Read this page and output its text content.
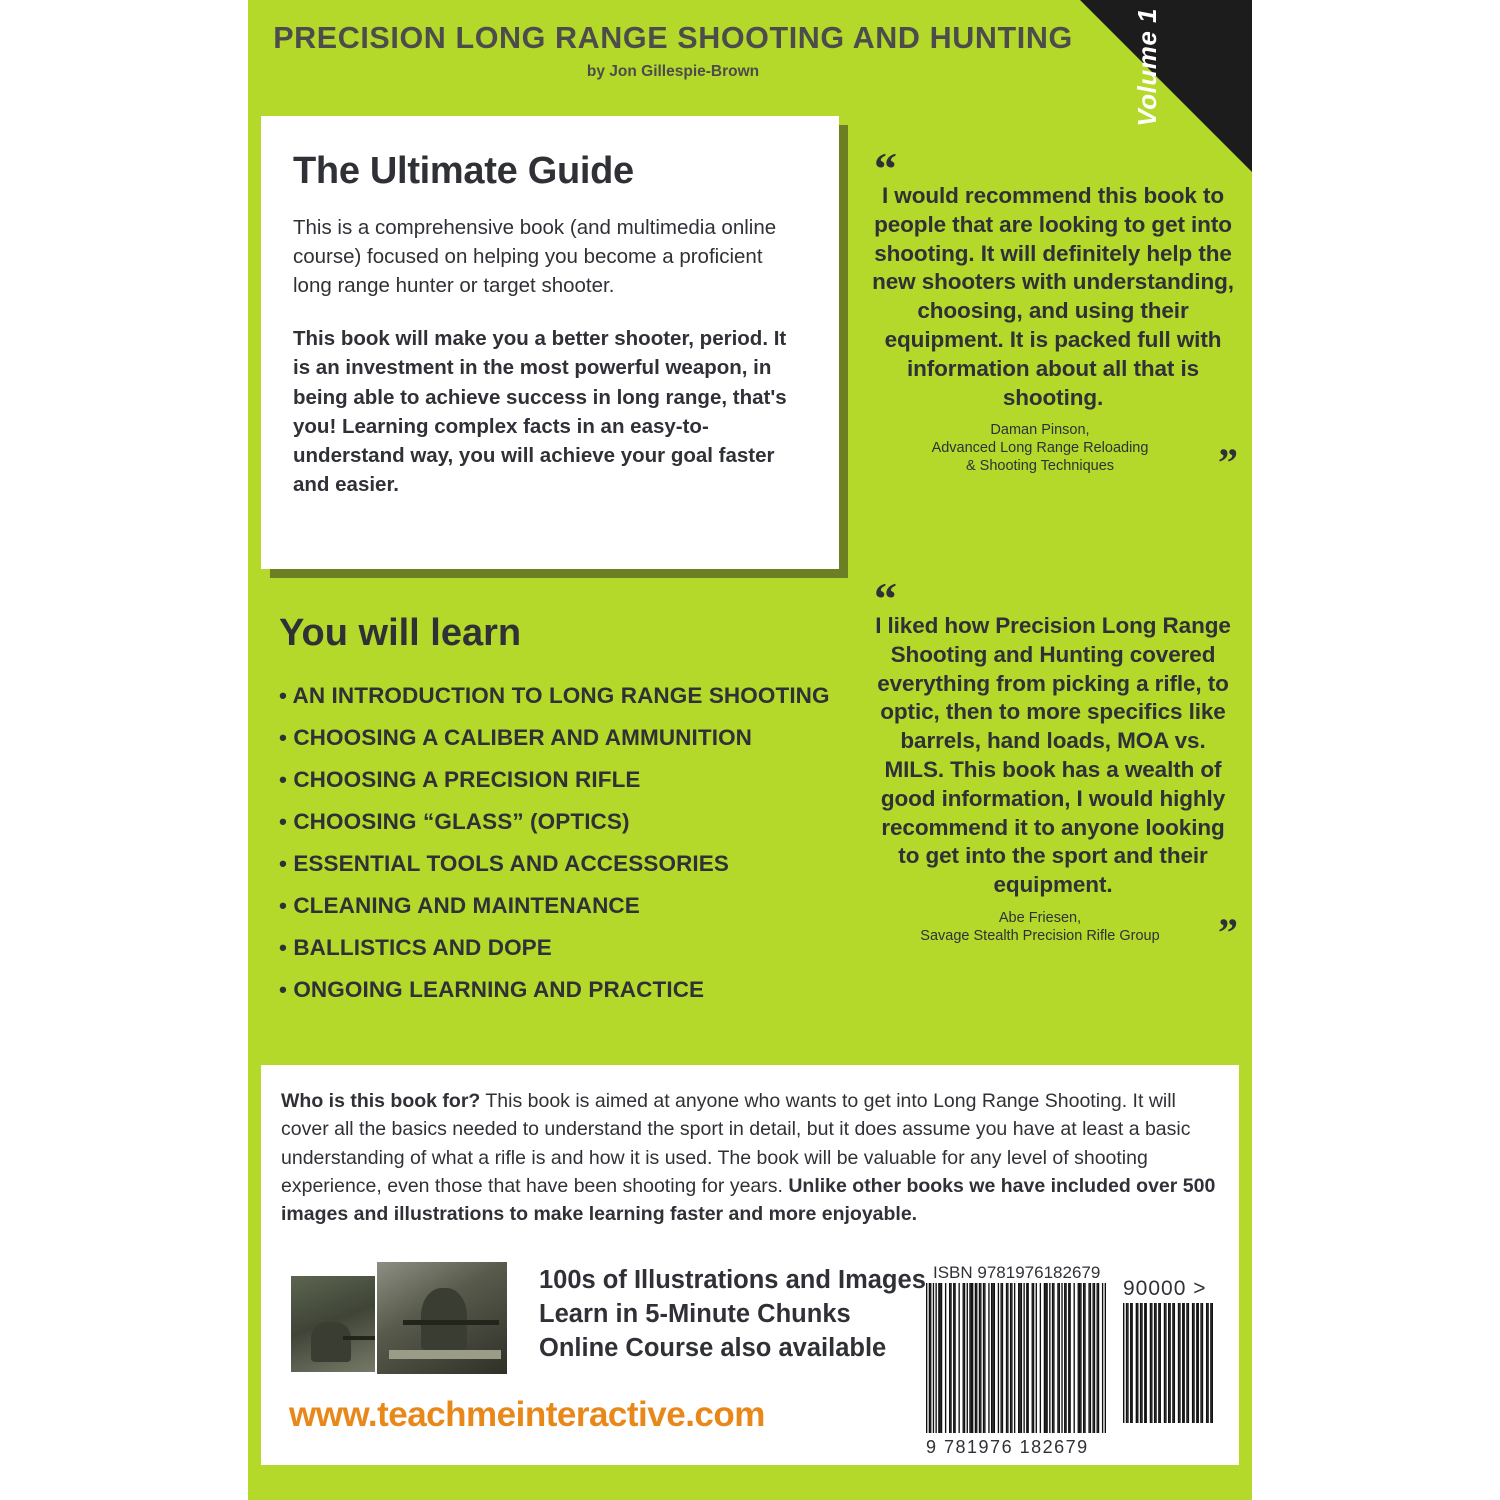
Volume 1
PRECISION LONG RANGE SHOOTING AND HUNTING
by Jon Gillespie-Brown
The Ultimate Guide
This is a comprehensive book (and multimedia online course) focused on helping you become a proficient long range hunter or target shooter.
This book will make you a better shooter, period. It is an investment in the most powerful weapon, in being able to achieve success in long range, that's you! Learning complex facts in an easy-to-understand way, you will achieve your goal faster and easier.
You will learn
• AN INTRODUCTION TO LONG RANGE SHOOTING
• CHOOSING A CALIBER AND AMMUNITION
• CHOOSING A PRECISION RIFLE
• CHOOSING “GLASS” (OPTICS)
• ESSENTIAL TOOLS AND ACCESSORIES
• CLEANING AND MAINTENANCE
• BALLISTICS AND DOPE
• ONGOING LEARNING AND PRACTICE
“
I would recommend this book to people that are looking to get into shooting. It will definitely help the new shooters with understanding, choosing, and using their equipment. It is packed full with information about all that is shooting.
Daman Pinson,
Advanced Long Range Reloading
& Shooting Techniques	”
“
I liked how Precision Long Range Shooting and Hunting covered everything from picking a rifle, to optic, then to more specifics like barrels, hand loads, MOA vs. MILS. This book has a wealth of good information, I would highly recommend it to anyone looking to get into the sport and their equipment.
Abe Friesen,
Savage Stealth Precision Rifle Group	”
Who is this book for? This book is aimed at anyone who wants to get into Long Range Shooting. It will cover all the basics needed to understand the sport in detail, but it does assume you have at least a basic understanding of what a rifle is and how it is used. The book will be valuable for any level of shooting experience, even those that have been shooting for years. Unlike other books we have included over 500 images and illustrations to make learning faster and more enjoyable.
100s of Illustrations and Images
Learn in 5-Minute Chunks
Online Course also available
www.teachmeinteractive.com
ISBN 9781976182679
9 781976 182679
90000 >
